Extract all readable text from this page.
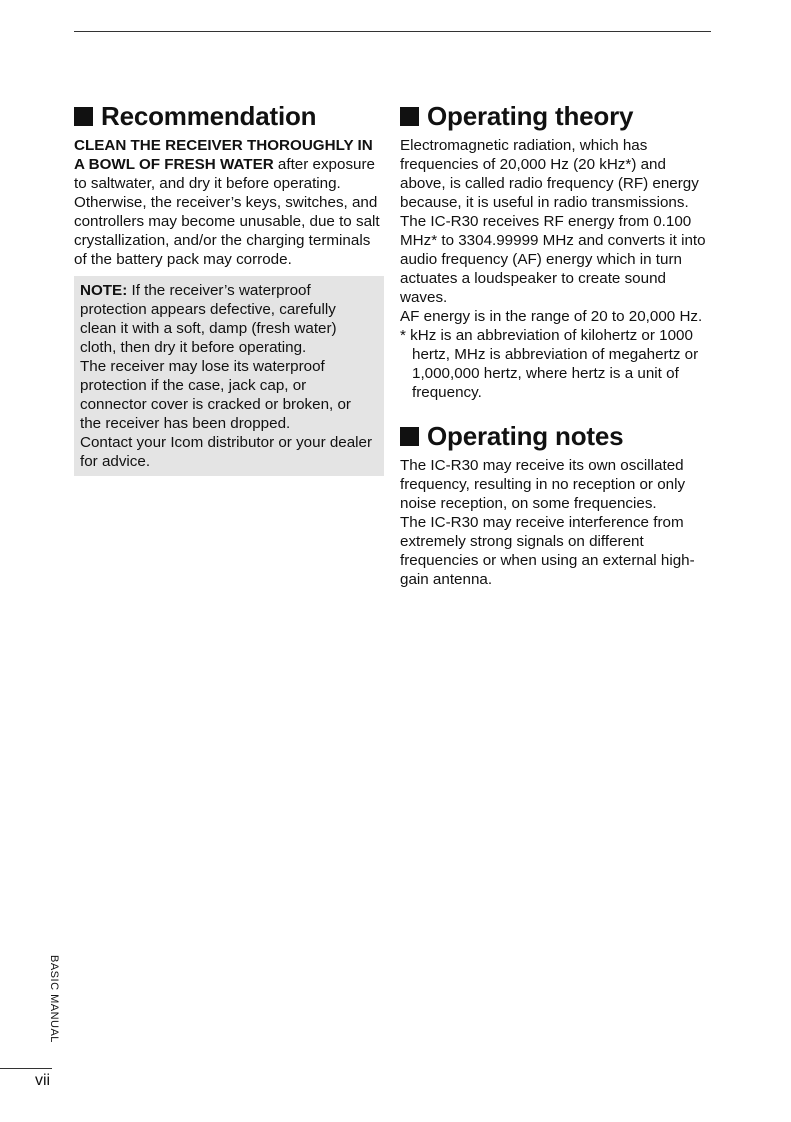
Recommendation

CLEAN THE RECEIVER THOROUGHLY IN A BOWL OF FRESH WATER after exposure to saltwater, and dry it before operating. Otherwise, the receiver’s keys, switches, and controllers may become unusable, due to salt crystallization, and/or the charging terminals of the battery pack may corrode.

NOTE: If the receiver’s waterproof protection appears defective, carefully clean it with a soft, damp (fresh water) cloth, then dry it before operating.

The receiver may lose its waterproof protection if the case, jack cap, or connector cover is cracked or broken, or the receiver has been dropped.

Contact your Icom distributor or your dealer for advice.

Operating theory

Electromagnetic radiation, which has frequencies of 20,000 Hz (20 kHz*) and above, is called radio frequency (RF) energy because, it is useful in radio transmissions. The IC-R30 receives RF energy from 0.100 MHz* to 3304.99999 MHz and converts it into audio frequency (AF) energy which in turn actuates a loudspeaker to create sound waves.

AF energy is in the range of 20 to 20,000 Hz.

* kHz is an abbreviation of kilohertz or 1000 hertz, MHz is abbreviation of megahertz or 1,000,000 hertz, where hertz is a unit of frequency.

Operating notes

The IC-R30 may receive its own oscillated frequency, resulting in no reception or only noise reception, on some frequencies.

The IC-R30 may receive interference from extremely strong signals on different frequencies or when using an external high-gain antenna.

BASIC MANUAL
vii
